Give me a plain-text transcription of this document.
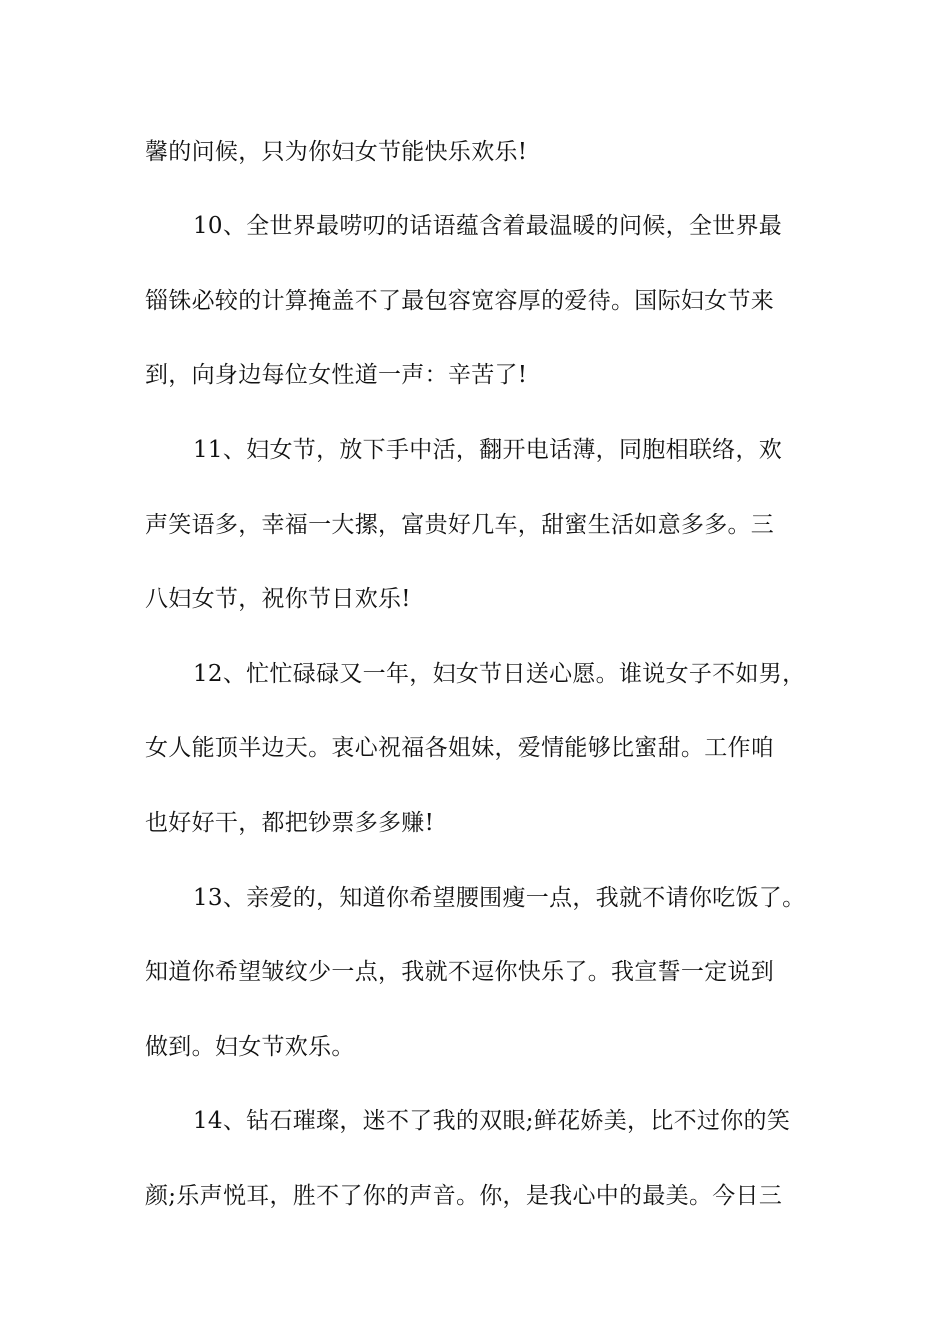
馨的问候，只为你妇女节能快乐欢乐!
10、全世界最唠叨的话语蕴含着最温暖的问候，全世界最
锱铢必较的计算掩盖不了最包容宽容厚的爱待。国际妇女节来
到，向身边每位女性道一声：辛苦了!
11、妇女节，放下手中活，翻开电话薄，同胞相联络，欢
声笑语多，幸福一大摞，富贵好几车，甜蜜生活如意多多。三
八妇女节，祝你节日欢乐!
12、忙忙碌碌又一年，妇女节日送心愿。谁说女子不如男，
女人能顶半边天。衷心祝福各姐妹，爱情能够比蜜甜。工作咱
也好好干，都把钞票多多赚!
13、亲爱的，知道你希望腰围瘦一点，我就不请你吃饭了。
知道你希望皱纹少一点，我就不逗你快乐了。我宣誓一定说到
做到。妇女节欢乐。
14、钻石璀璨，迷不了我的双眼;鲜花娇美，比不过你的笑
颜;乐声悦耳，胜不了你的声音。你，是我心中的最美。今日三
